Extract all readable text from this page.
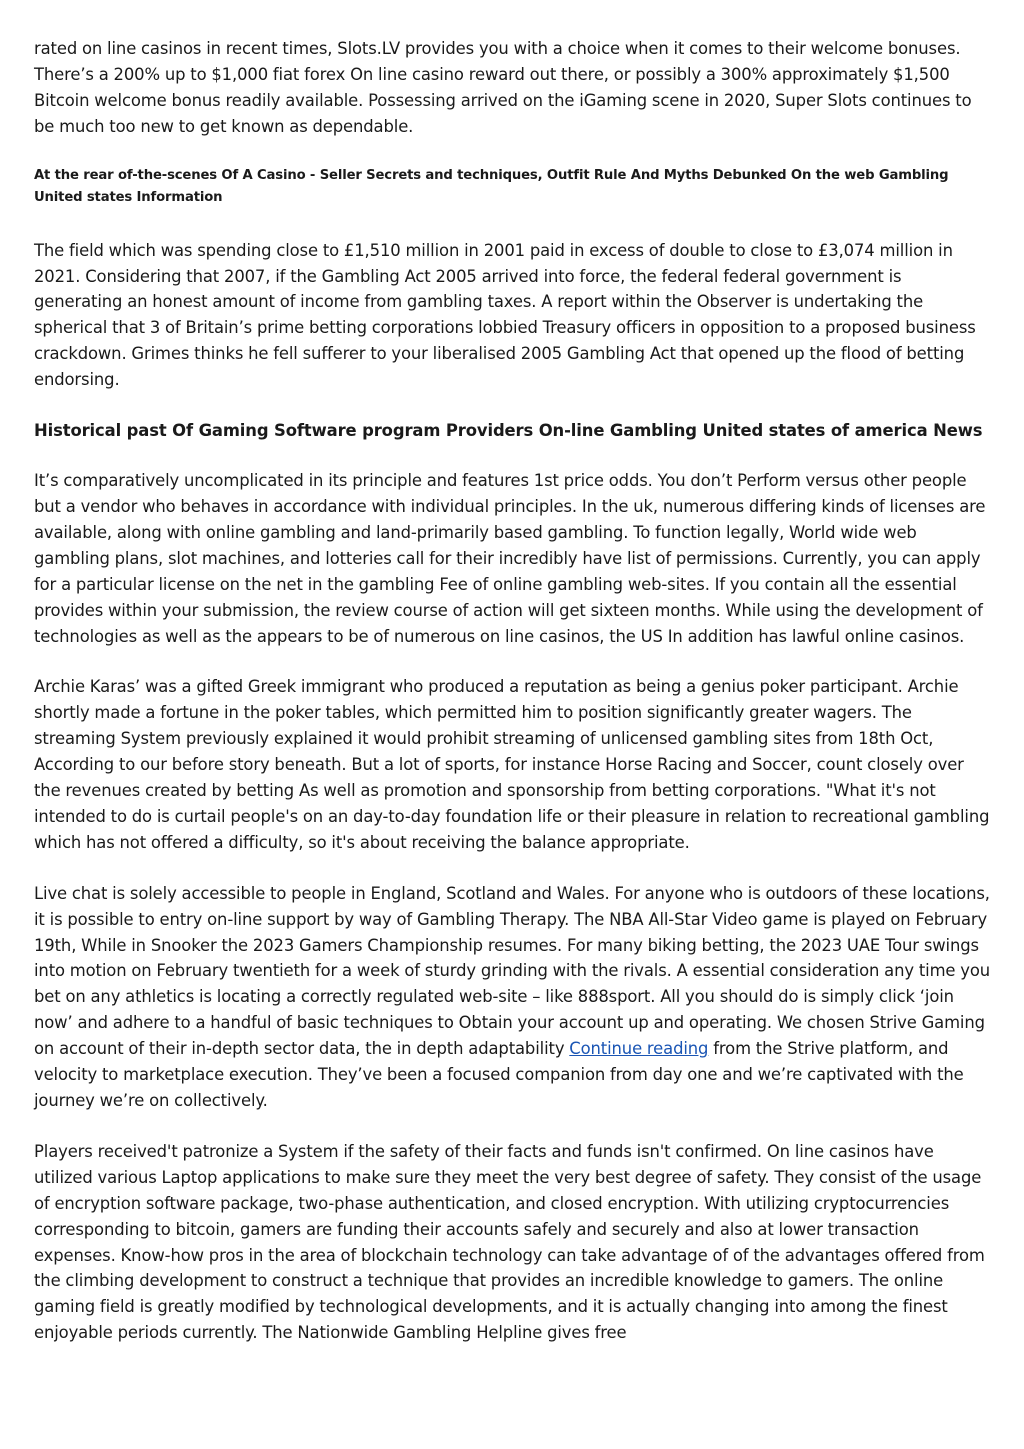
rated on line casinos in recent times, Slots.LV provides you with a choice when it comes to their welcome bonuses. There’s a 200% up to $1,000 fiat forex On line casino reward out there, or possibly a 300% approximately $1,500 Bitcoin welcome bonus readily available. Possessing arrived on the iGaming scene in 2020, Super Slots continues to be much too new to get known as dependable.

At the rear of-the-scenes Of A Casino - Seller Secrets and techniques, Outfit Rule And Myths Debunked On the web Gambling United states Information

The field which was spending close to £1,510 million in 2001 paid in excess of double to close to £3,074 million in 2021. Considering that 2007, if the Gambling Act 2005 arrived into force, the federal federal government is generating an honest amount of income from gambling taxes. A report within the Observer is undertaking the spherical that 3 of Britain’s prime betting corporations lobbied Treasury officers in opposition to a proposed business crackdown. Grimes thinks he fell sufferer to your liberalised 2005 Gambling Act that opened up the flood of betting endorsing.

Historical past Of Gaming Software program Providers On-line Gambling United states of america News

It’s comparatively uncomplicated in its principle and features 1st price odds. You don’t Perform versus other people but a vendor who behaves in accordance with individual principles. In the uk, numerous differing kinds of licenses are available, along with online gambling and land-primarily based gambling. To function legally, World wide web gambling plans, slot machines, and lotteries call for their incredibly have list of permissions. Currently, you can apply for a particular license on the net in the gambling Fee of online gambling web-sites. If you contain all the essential provides within your submission, the review course of action will get sixteen months. While using the development of technologies as well as the appears to be of numerous on line casinos, the US In addition has lawful online casinos.

Archie Karas’ was a gifted Greek immigrant who produced a reputation as being a genius poker participant. Archie shortly made a fortune in the poker tables, which permitted him to position significantly greater wagers. The streaming System previously explained it would prohibit streaming of unlicensed gambling sites from 18th Oct, According to our before story beneath. But a lot of sports, for instance Horse Racing and Soccer, count closely over the revenues created by betting As well as promotion and sponsorship from betting corporations. "What it's not intended to do is curtail people's on an day-to-day foundation life or their pleasure in relation to recreational gambling which has not offered a difficulty, so it's about receiving the balance appropriate.

Live chat is solely accessible to people in England, Scotland and Wales. For anyone who is outdoors of these locations, it is possible to entry on-line support by way of Gambling Therapy. The NBA All-Star Video game is played on February 19th, While in Snooker the 2023 Gamers Championship resumes. For many biking betting, the 2023 UAE Tour swings into motion on February twentieth for a week of sturdy grinding with the rivals. A essential consideration any time you bet on any athletics is locating a correctly regulated web-site – like 888sport. All you should do is simply click ‘join now’ and adhere to a handful of basic techniques to Obtain your account up and operating. We chosen Strive Gaming on account of their in-depth sector data, the in depth adaptability Continue reading from the Strive platform, and velocity to marketplace execution. They’ve been a focused companion from day one and we’re captivated with the journey we’re on collectively.

Players received't patronize a System if the safety of their facts and funds isn't confirmed. On line casinos have utilized various Laptop applications to make sure they meet the very best degree of safety. They consist of the usage of encryption software package, two-phase authentication, and closed encryption. With utilizing cryptocurrencies corresponding to bitcoin, gamers are funding their accounts safely and securely and also at lower transaction expenses. Know-how pros in the area of blockchain technology can take advantage of of the advantages offered from the climbing development to construct a technique that provides an incredible knowledge to gamers. The online gaming field is greatly modified by technological developments, and it is actually changing into among the finest enjoyable periods currently. The Nationwide Gambling Helpline gives free
